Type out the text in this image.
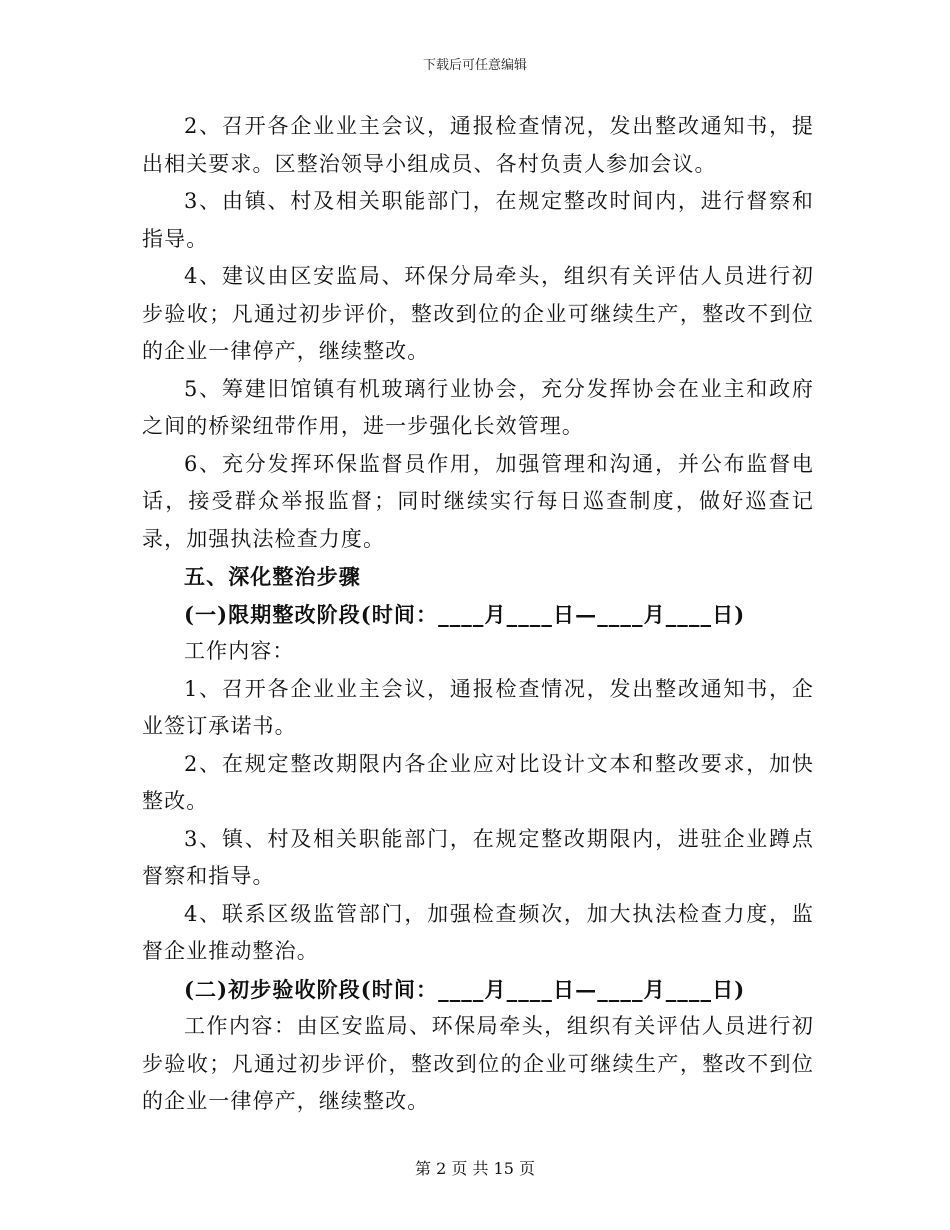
下载后可任意编辑

2、召开各企业业主会议，通报检查情况，发出整改通知书，提出相关要求。区整治领导小组成员、各村负责人参加会议。

3、由镇、村及相关职能部门，在规定整改时间内，进行督察和指导。

4、建议由区安监局、环保分局牵头，组织有关评估人员进行初步验收；凡通过初步评价，整改到位的企业可继续生产，整改不到位的企业一律停产，继续整改。

5、筹建旧馆镇有机玻璃行业协会，充分发挥协会在业主和政府之间的桥梁纽带作用，进一步强化长效管理。

6、充分发挥环保监督员作用，加强管理和沟通，并公布监督电话，接受群众举报监督；同时继续实行每日巡查制度，做好巡查记录，加强执法检查力度。

五、深化整治步骤

(一)限期整改阶段(时间：____月____日—____月____日)

工作内容：

1、召开各企业业主会议，通报检查情况，发出整改通知书，企业签订承诺书。

2、在规定整改期限内各企业应对比设计文本和整改要求，加快整改。

3、镇、村及相关职能部门，在规定整改期限内，进驻企业蹲点督察和指导。

4、联系区级监管部门，加强检查频次，加大执法检查力度，监督企业推动整治。

(二)初步验收阶段(时间：____月____日—____月____日)

工作内容：由区安监局、环保局牵头，组织有关评估人员进行初步验收；凡通过初步评价，整改到位的企业可继续生产，整改不到位的企业一律停产，继续整改。

第 2 页 共 15 页
